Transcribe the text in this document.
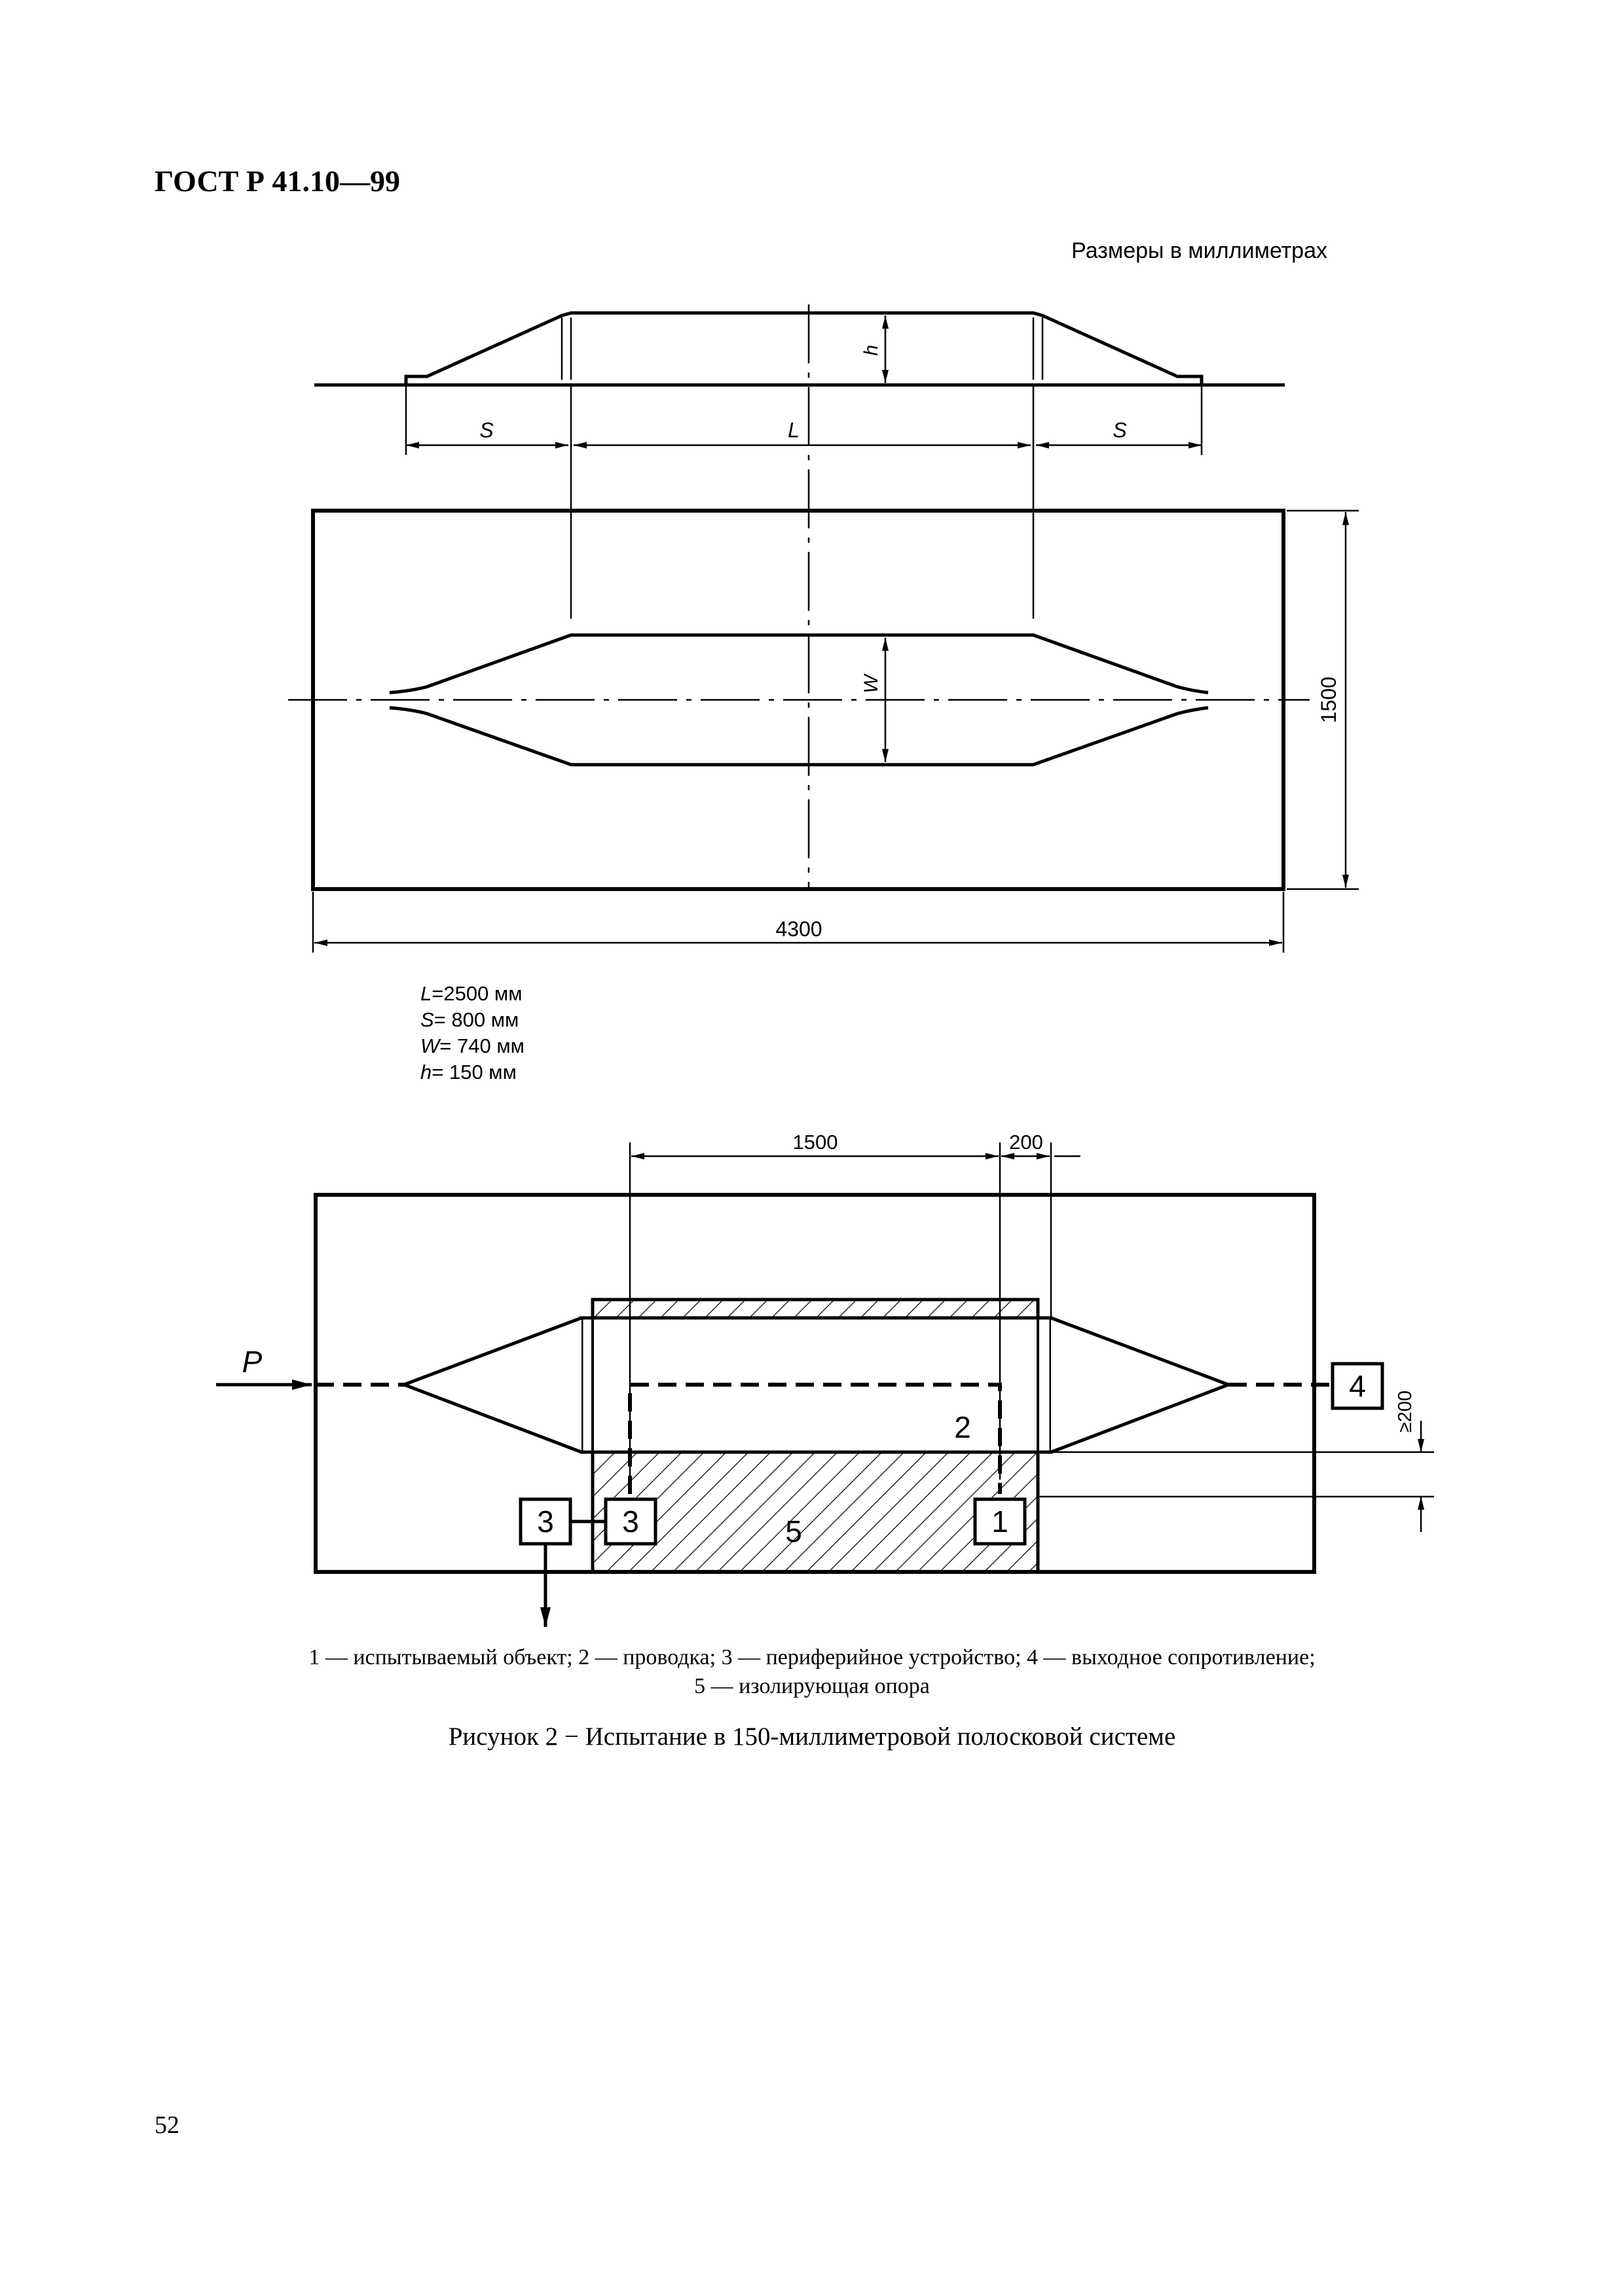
ГОСТ Р 41.10—99
Размеры в миллиметрах
S	L	S
h
W	1500
4300
1500	200
≥200
P
4
1
3
3
2
5
L=2500 мм
S= 800 мм
W= 740 мм
h= 150 мм
1 — испытываемый объект; 2 — проводка; 3 — периферийное устройство; 4 — выходное сопротивление;
5 — изолирующая опора
Рисунок 2 − Испытание в 150-миллиметровой полосковой системе
52
